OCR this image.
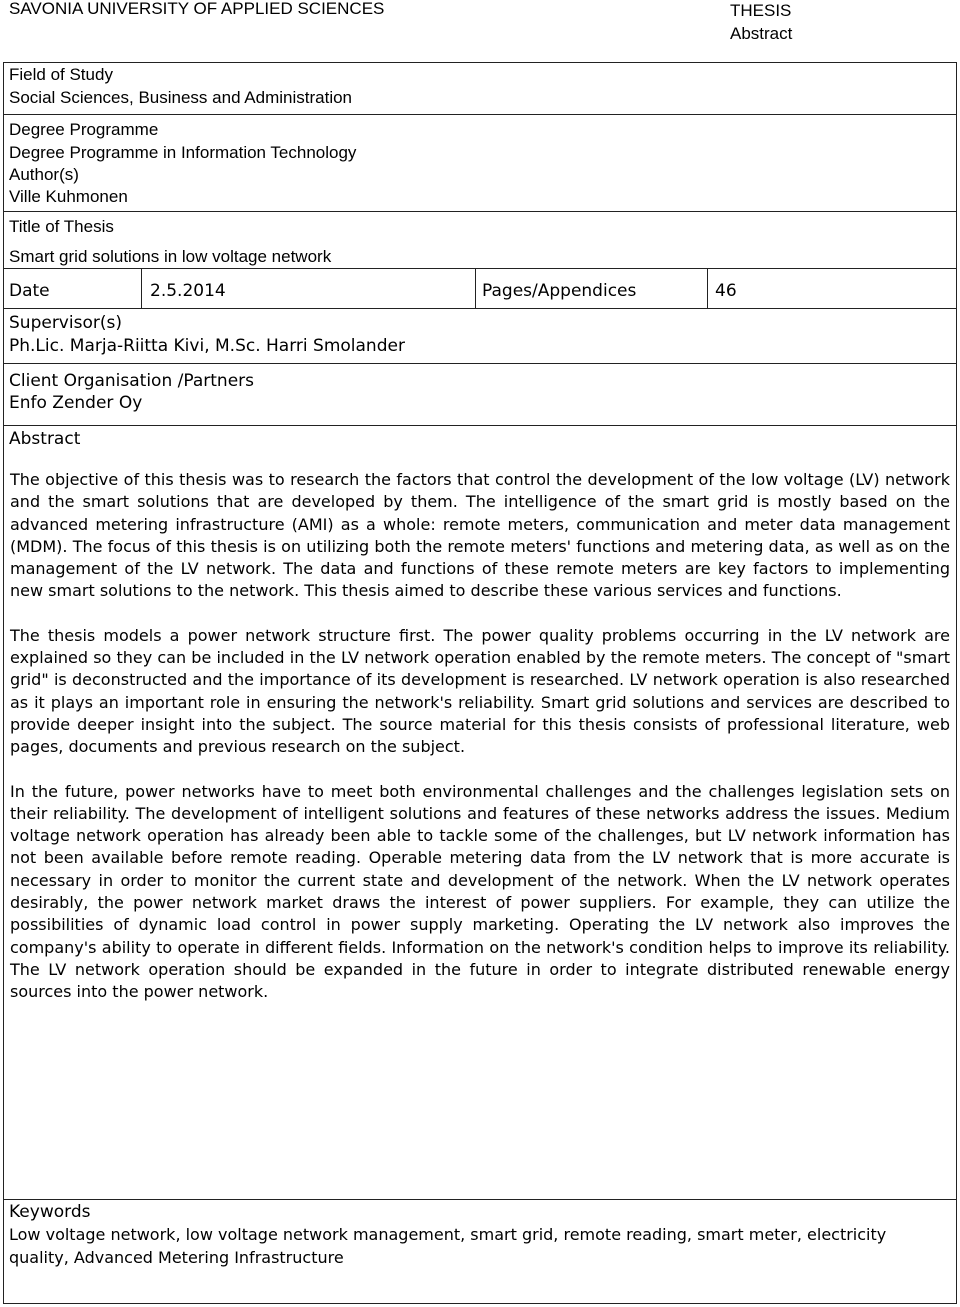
SAVONIA UNIVERSITY OF APPLIED SCIENCES	THESIS
Abstract
Field of Study
Social Sciences, Business and Administration
Degree Programme
Degree Programme in Information Technology
Author(s)
Ville Kuhmonen
Title of Thesis
Smart grid solutions in low voltage network
Date	2.5.2014	Pages/Appendices	46
Supervisor(s)
Ph.Lic. Marja-Riitta Kivi, M.Sc. Harri Smolander
Client Organisation /Partners
Enfo Zender Oy
Abstract

The objective of this thesis was to research the factors that control the development of the low voltage (LV) network and the smart solutions that are developed by them. The intelligence of the smart grid is mostly based on the advanced metering infrastructure (AMI) as a whole: remote meters, communication and meter data management (MDM). The focus of this thesis is on utilizing both the remote meters' functions and metering data, as well as on the management of the LV network. The data and functions of these remote meters are key factors to implementing new smart solutions to the network. This thesis aimed to describe these various services and functions.

The thesis models a power network structure first. The power quality problems occurring in the LV network are explained so they can be included in the LV network operation enabled by the remote meters. The concept of "smart grid" is deconstructed and the importance of its development is researched. LV network operation is also researched as it plays an important role in ensuring the network's reliability. Smart grid solutions and services are described to provide deeper insight into the subject. The source material for this thesis consists of professional literature, web pages, documents and previous research on the subject.

In the future, power networks have to meet both environmental challenges and the challenges legislation sets on their reliability. The development of intelligent solutions and features of these networks address the issues. Medium voltage network operation has already been able to tackle some of the challenges, but LV network information has not been available before remote reading. Operable metering data from the LV network that is more accurate is necessary in order to monitor the current state and development of the network. When the LV network operates desirably, the power network market draws the interest of power suppliers. For example, they can utilize the possibilities of dynamic load control in power supply marketing. Operating the LV network also improves the company's ability to operate in different fields. Information on the network's condition helps to improve its reliability. The LV network operation should be expanded in the future in order to integrate distributed renewable energy sources into the power network.

Keywords
Low voltage network, low voltage network management, smart grid, remote reading, smart meter, electricity quality, Advanced Metering Infrastructure
